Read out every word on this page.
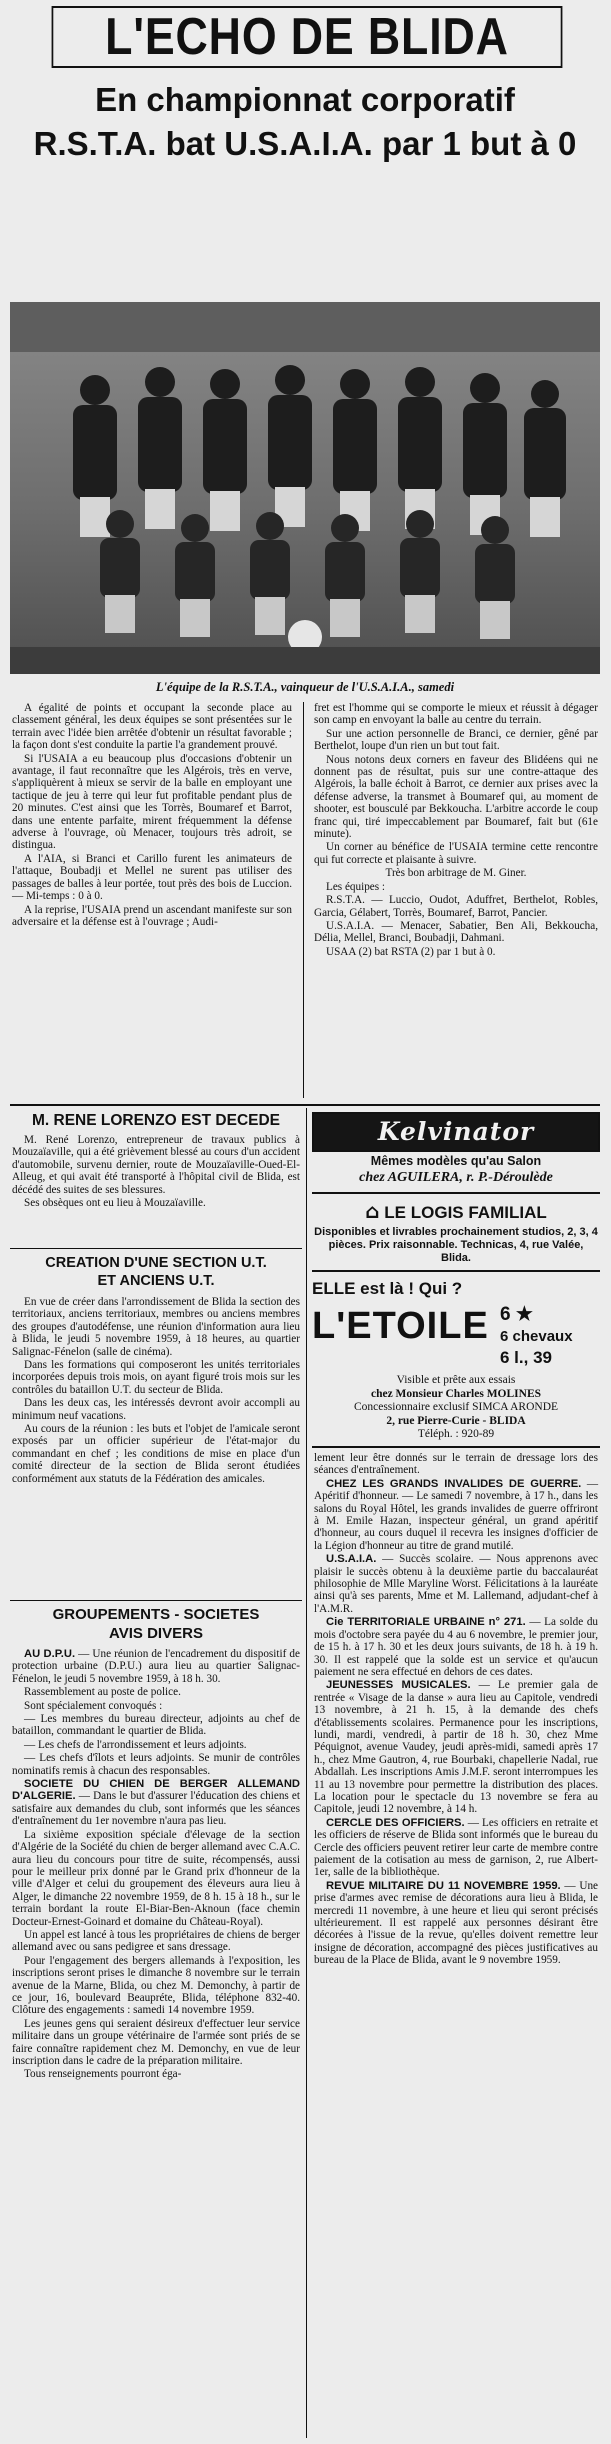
L'ECHO DE BLIDA
En championnat corporatif
R.S.T.A. bat U.S.A.I.A. par 1 but à 0
L'équipe de la R.S.T.A., vainqueur de l'U.S.A.I.A., samedi

A égalité de points et occupant la seconde place au classement général, les deux équipes se sont présentées sur le terrain avec l'idée bien arrêtée d'obtenir un résultat favorable ; la façon dont s'est conduite la partie l'a grandement prouvé.

Si l'USAIA a eu beaucoup plus d'occasions d'obtenir un avantage, il faut reconnaître que les Algérois, très en verve, s'appliquèrent à mieux se servir de la balle en employant une tactique de jeu à terre qui leur fut profitable pendant plus de 20 minutes. C'est ainsi que les Torrès, Boumaref et Barrot, dans une entente parfaite, mirent fréquemment la défense adverse à l'ouvrage, où Menacer, toujours très adroit, se distingua.

A l'AIA, si Branci et Carillo furent les animateurs de l'attaque, Boubadji et Mellel ne surent pas utiliser des passages de balles à leur portée, tout près des bois de Luccion. — Mi-temps : 0 à 0.

A la reprise, l'USAIA prend un ascendant manifeste sur son adversaire et la défense est à l'ouvrage ; Audi-

fret est l'homme qui se comporte le mieux et réussit à dégager son camp en envoyant la balle au centre du terrain.

Sur une action personnelle de Branci, ce dernier, gêné par Berthelot, loupe d'un rien un but tout fait.

Nous notons deux corners en faveur des Blidéens qui ne donnent pas de résultat, puis sur une contre-attaque des Algérois, la balle échoit à Barrot, ce dernier aux prises avec la défense adverse, la transmet à Boumaref qui, au moment de shooter, est bousculé par Bekkoucha. L'arbitre accorde le coup franc qui, tiré impeccablement par Boumaref, fait but (61e minute).

Un corner au bénéfice de l'USAIA termine cette rencontre qui fut correcte et plaisante à suivre.

Très bon arbitrage de M. Giner.

Les équipes :

R.S.T.A. — Luccio, Oudot, Aduffret, Berthelot, Robles, Garcia, Gélabert, Torrès, Boumaref, Barrot, Pancier.

U.S.A.I.A. — Menacer, Sabatier, Ben Ali, Bekkoucha, Délia, Mellel, Branci, Boubadji, Dahmani.

USAA (2) bat RSTA (2) par 1 but à 0.

M. RENE LORENZO EST DECEDE

M. René Lorenzo, entrepreneur de travaux publics à Mouzaïaville, qui a été grièvement blessé au cours d'un accident d'automobile, survenu dernier, route de Mouzaïaville-Oued-El-Alleug, et qui avait été transporté à l'hôpital civil de Blida, est décédé des suites de ses blessures.

Ses obsèques ont eu lieu à Mouzaïaville.

CREATION D'UNE SECTION U.T.
ET ANCIENS U.T.

En vue de créer dans l'arrondissement de Blida la section des territoriaux, anciens territoriaux, membres ou anciens membres des groupes d'autodéfense, une réunion d'information aura lieu à Blida, le jeudi 5 novembre 1959, à 18 heures, au quartier Salignac-Fénelon (salle de cinéma).

Dans les formations qui composeront les unités territoriales incorporées depuis trois mois, on ayant figuré trois mois sur les contrôles du bataillon U.T. du secteur de Blida.

Dans les deux cas, les intéressés devront avoir accompli au minimum neuf vacations.

Au cours de la réunion : les buts et l'objet de l'amicale seront exposés par un officier supérieur de l'état-major du commandant en chef ; les conditions de mise en place d'un comité directeur de la section de Blida seront étudiées conformément aux statuts de la Fédération des amicales.

GROUPEMENTS - SOCIETES
AVIS DIVERS

AU D.P.U. — Une réunion de l'encadrement du dispositif de protection urbaine (D.P.U.) aura lieu au quartier Salignac-Fénelon, le jeudi 5 novembre 1959, à 18 h. 30.

Rassemblement au poste de police.

Sont spécialement convoqués :

— Les membres du bureau directeur, adjoints au chef de bataillon, commandant le quartier de Blida.

— Les chefs de l'arrondissement et leurs adjoints.

— Les chefs d'îlots et leurs adjoints. Se munir de contrôles nominatifs remis à chacun des responsables.

SOCIETE DU CHIEN DE BERGER ALLEMAND D'ALGERIE. — Dans le but d'assurer l'éducation des chiens et satisfaire aux demandes du club, sont informés que les séances d'entraînement du 1er novembre n'aura pas lieu.

La sixième exposition spéciale d'élevage de la section d'Algérie de la Société du chien de berger allemand avec C.A.C. aura lieu du concours pour titre de suite, récompensés, aussi pour le meilleur prix donné par le Grand prix d'honneur de la ville d'Alger et celui du groupement des éleveurs aura lieu à Alger, le dimanche 22 novembre 1959, de 8 h. 15 à 18 h., sur le terrain bordant la route El-Biar-Ben-Aknoun (face chemin Docteur-Ernest-Goinard et domaine du Château-Royal).

Un appel est lancé à tous les propriétaires de chiens de berger allemand avec ou sans pedigree et sans dressage.

Pour l'engagement des bergers allemands à l'exposition, les inscriptions seront prises le dimanche 8 novembre sur le terrain avenue de la Marne, Blida, ou chez M. Demonchy, à partir de ce jour, 16, boulevard Beaupréte, Blida, téléphone 832-40. Clôture des engagements : samedi 14 novembre 1959.

Les jeunes gens qui seraient désireux d'effectuer leur service militaire dans un groupe vétérinaire de l'armée sont priés de se faire connaître rapidement chez M. Demonchy, en vue de leur inscription dans le cadre de la préparation militaire.

Tous renseignements pourront éga-

Kelvinator
Mêmes modèles qu'au Salon
chez AGUILERA, r. P.-Déroulède
⌂ LE LOGIS FAMILIAL
Disponibles et livrables prochainement studios, 2, 3, 4 pièces. Prix raisonnable. Technicas, 4, rue Valée, Blida.
ELLE est là ! Qui ?
L'ETOILE 6 ★
6 chevaux
6 l., 39
Visible et prête aux essais
chez Monsieur Charles MOLINES
Concessionnaire exclusif SIMCA ARONDE
2, rue Pierre-Curie - BLIDA
Téléph. : 920-89

lement leur être donnés sur le terrain de dressage lors des séances d'entraînement.

CHEZ LES GRANDS INVALIDES DE GUERRE. — Apéritif d'honneur. — Le samedi 7 novembre, à 17 h., dans les salons du Royal Hôtel, les grands invalides de guerre offriront à M. Emile Hazan, inspecteur général, un grand apéritif d'honneur, au cours duquel il recevra les insignes d'officier de la Légion d'honneur au titre de grand mutilé.

U.S.A.I.A. — Succès scolaire. — Nous apprenons avec plaisir le succès obtenu à la deuxième partie du baccalauréat philosophie de Mlle Maryline Worst. Félicitations à la lauréate ainsi qu'à ses parents, Mme et M. Lallemand, adjudant-chef à l'A.M.R.

Cie TERRITORIALE URBAINE n° 271. — La solde du mois d'octobre sera payée du 4 au 6 novembre, le premier jour, de 15 h. à 17 h. 30 et les deux jours suivants, de 18 h. à 19 h. 30. Il est rappelé que la solde est un service et qu'aucun paiement ne sera effectué en dehors de ces dates.

JEUNESSES MUSICALES. — Le premier gala de rentrée « Visage de la danse » aura lieu au Capitole, vendredi 13 novembre, à 21 h. 15, à la demande des chefs d'établissements scolaires. Permanence pour les inscriptions, lundi, mardi, vendredi, à partir de 18 h. 30, chez Mme Péquignot, avenue Vaudey, jeudi après-midi, samedi après 17 h., chez Mme Gautron, 4, rue Bourbaki, chapellerie Nadal, rue Abdallah. Les inscriptions Amis J.M.F. seront interrompues les 11 au 13 novembre pour permettre la distribution des places. La location pour le spectacle du 13 novembre se fera au Capitole, jeudi 12 novembre, à 14 h.

CERCLE DES OFFICIERS. — Les officiers en retraite et les officiers de réserve de Blida sont informés que le bureau du Cercle des officiers peuvent retirer leur carte de membre contre paiement de la cotisation au mess de garnison, 2, rue Albert-1er, salle de la bibliothèque.

REVUE MILITAIRE DU 11 NOVEMBRE 1959. — Une prise d'armes avec remise de décorations aura lieu à Blida, le mercredi 11 novembre, à une heure et lieu qui seront précisés ultérieurement. Il est rappelé aux personnes désirant être décorées à l'issue de la revue, qu'elles doivent remettre leur insigne de décoration, accompagné des pièces justificatives au bureau de la Place de Blida, avant le 9 novembre 1959.
